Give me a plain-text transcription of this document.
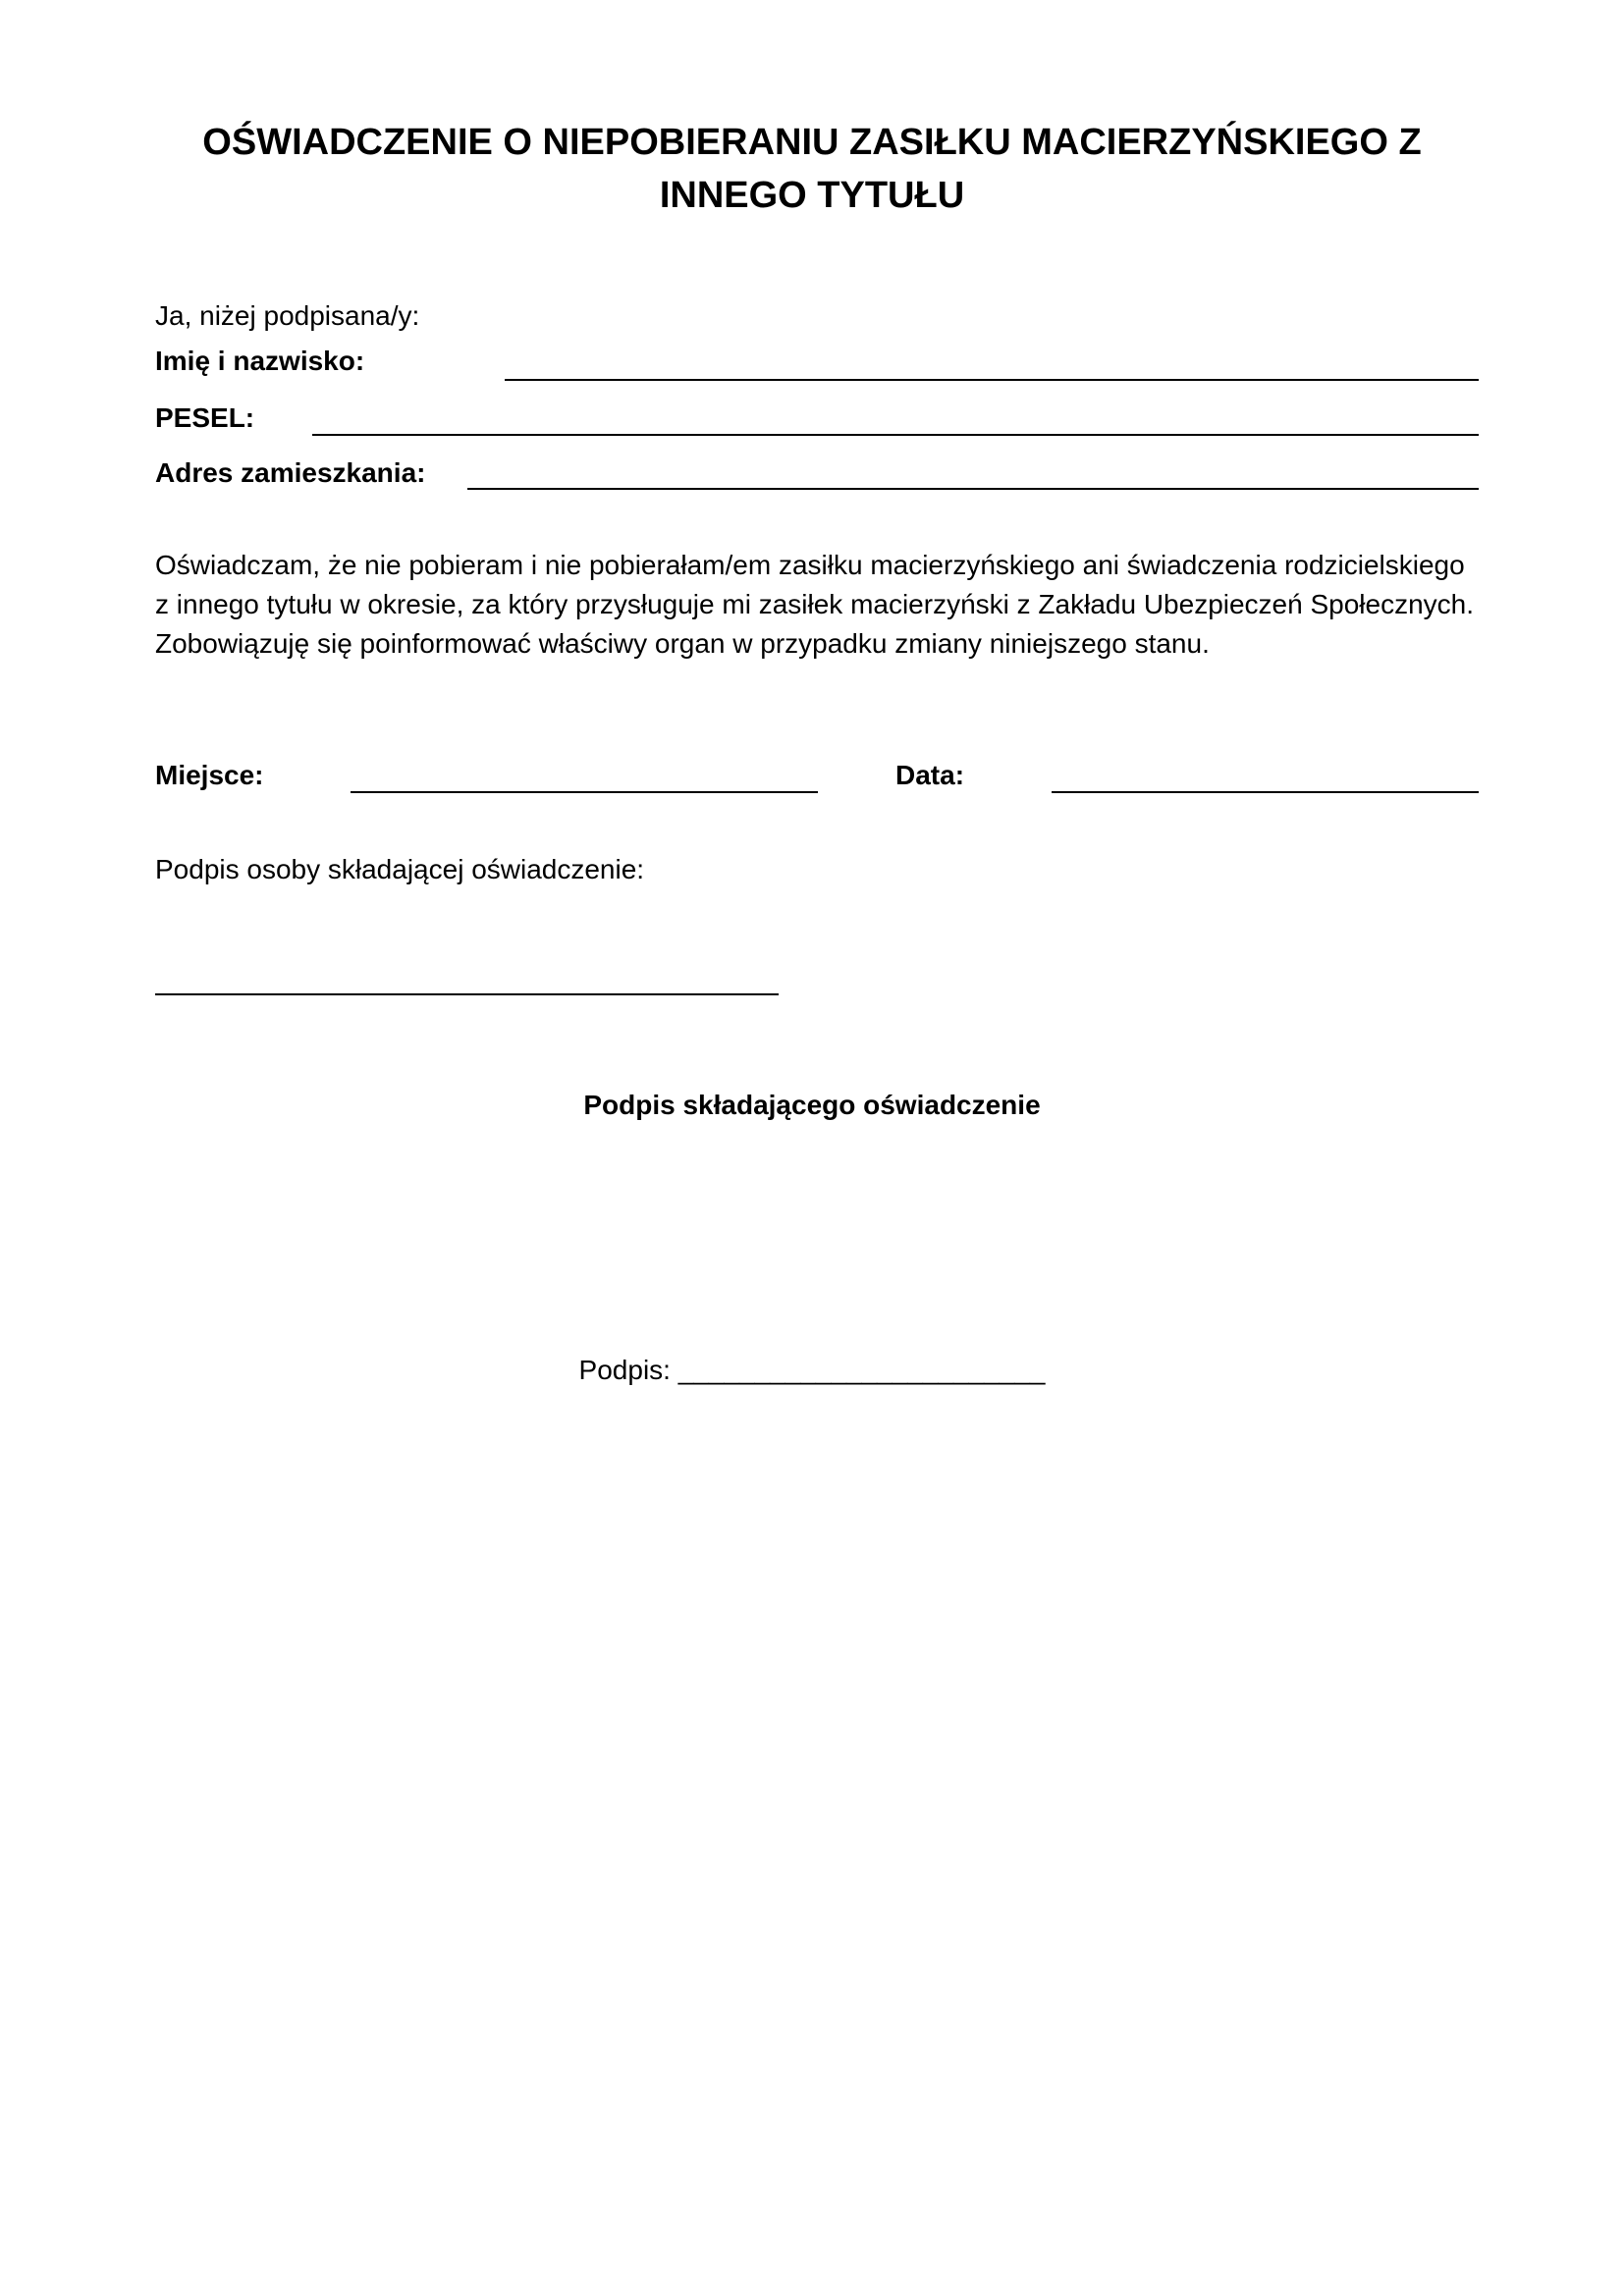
OŚWIADCZENIE O NIEPOBIERANIU ZASIŁKU MACIERZYŃSKIEGO Z
INNEGO TYTUŁU
Ja, niżej podpisana/y:
Imię i nazwisko:
PESEL:
Adres zamieszkania:
Oświadczam, że nie pobieram i nie pobierałam/em zasiłku macierzyńskiego ani świadczenia rodzicielskiego
z innego tytułu w okresie, za który przysługuje mi zasiłek macierzyński z Zakładu Ubezpieczeń Społecznych.
Zobowiązuję się poinformować właściwy organ w przypadku zmiany niniejszego stanu.
Miejsce:	Data:
Podpis osoby składającej oświadczenie:
Podpis składającego oświadczenie
Podpis: ________________________
